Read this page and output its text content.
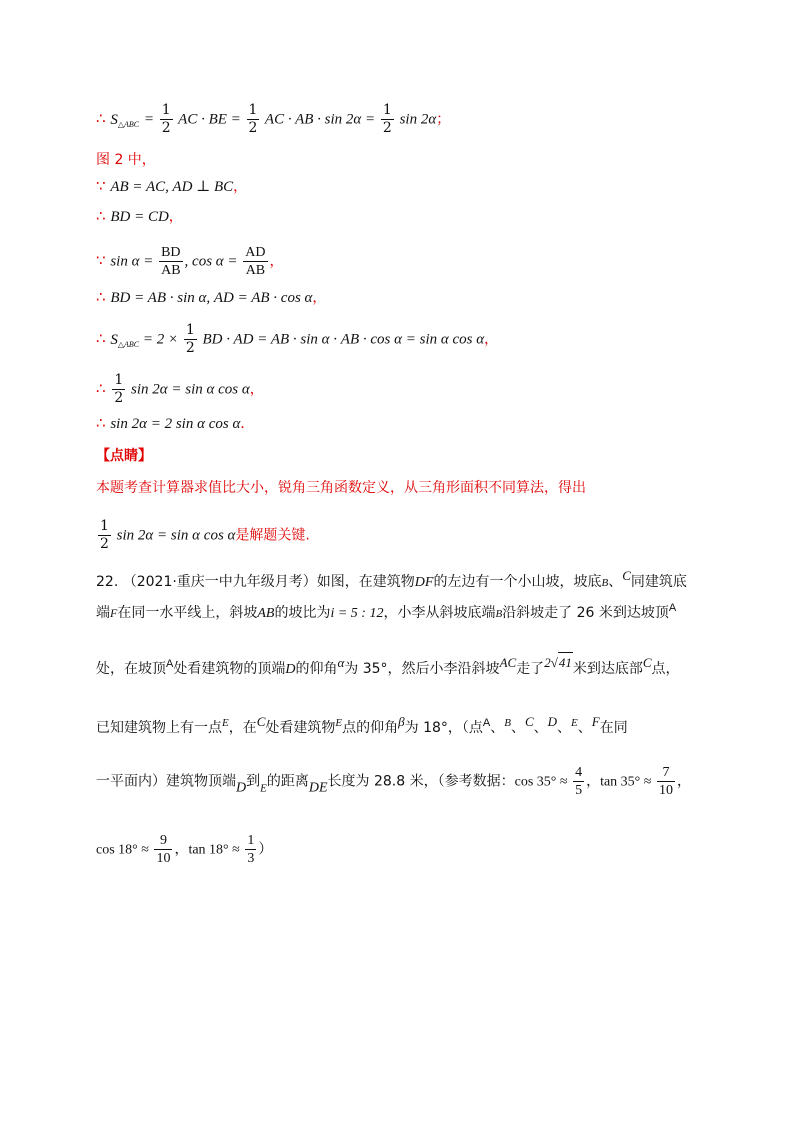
∴ $S_{\triangle ABC} = \frac{1}{2}$ AC · BE = $\frac{1}{2}$ AC · AB · $\sin 2\alpha = \frac{1}{2}$ sin 2α；
图 2 中，
∵ AB = AC, AD ⊥ BC，
∴ BD = CD，
∵ $\sin \alpha = \frac{BD}{AB}$ , $\cos \alpha = \frac{AD}{AB}$ ，
∴ BD = AB · sin α, AD = AB · cos α，
∴ $S_{\triangle ABC} = 2 \times \frac{1}{2}$ BD · AD = AB · sin α · AB · cos α = sin α cos α，
∴ $\frac{1}{2}$ sin 2α = sin α cos α，
∴ sin 2α = 2 sin α cos α．
【点睛】
本题考查计算器求值比大小，锐角三角函数定义，从三角形面积不同算法，得出
$\frac{1}{2}$ sin 2α = sin α cos α是解题关键.
22. （2021·重庆一中九年级月考）如图，在建筑物DF的左边有一个小山坡，坡底B、C同建筑底
端F在同一水平线上，斜坡AB的坡比为i = 5 : 12，小李从斜坡底端B沿斜坡走了 26 米到达坡顶$^A$
处，在坡顶$^A$处看建筑物的顶端D的仰角α为 35°，然后小李沿斜坡AC走了2√41米到达底部C点，
已知建筑物上有一点$^E$，在C处看建筑物$^E$点的仰角β为 18°，（点$^A$、$^B$、C、D、$^E$、F在同
一平面内）建筑物顶端D到$_E$的距离DE长度为 28.8 米，（参考数据：$\cos 35^\circ \approx \frac{4}{5}$ ，$\tan 35^\circ \approx \frac{7}{10}$ ，
$\cos 18^\circ \approx \frac{9}{10}$ ，$\tan 18^\circ \approx \frac{1}{3}$ ）
